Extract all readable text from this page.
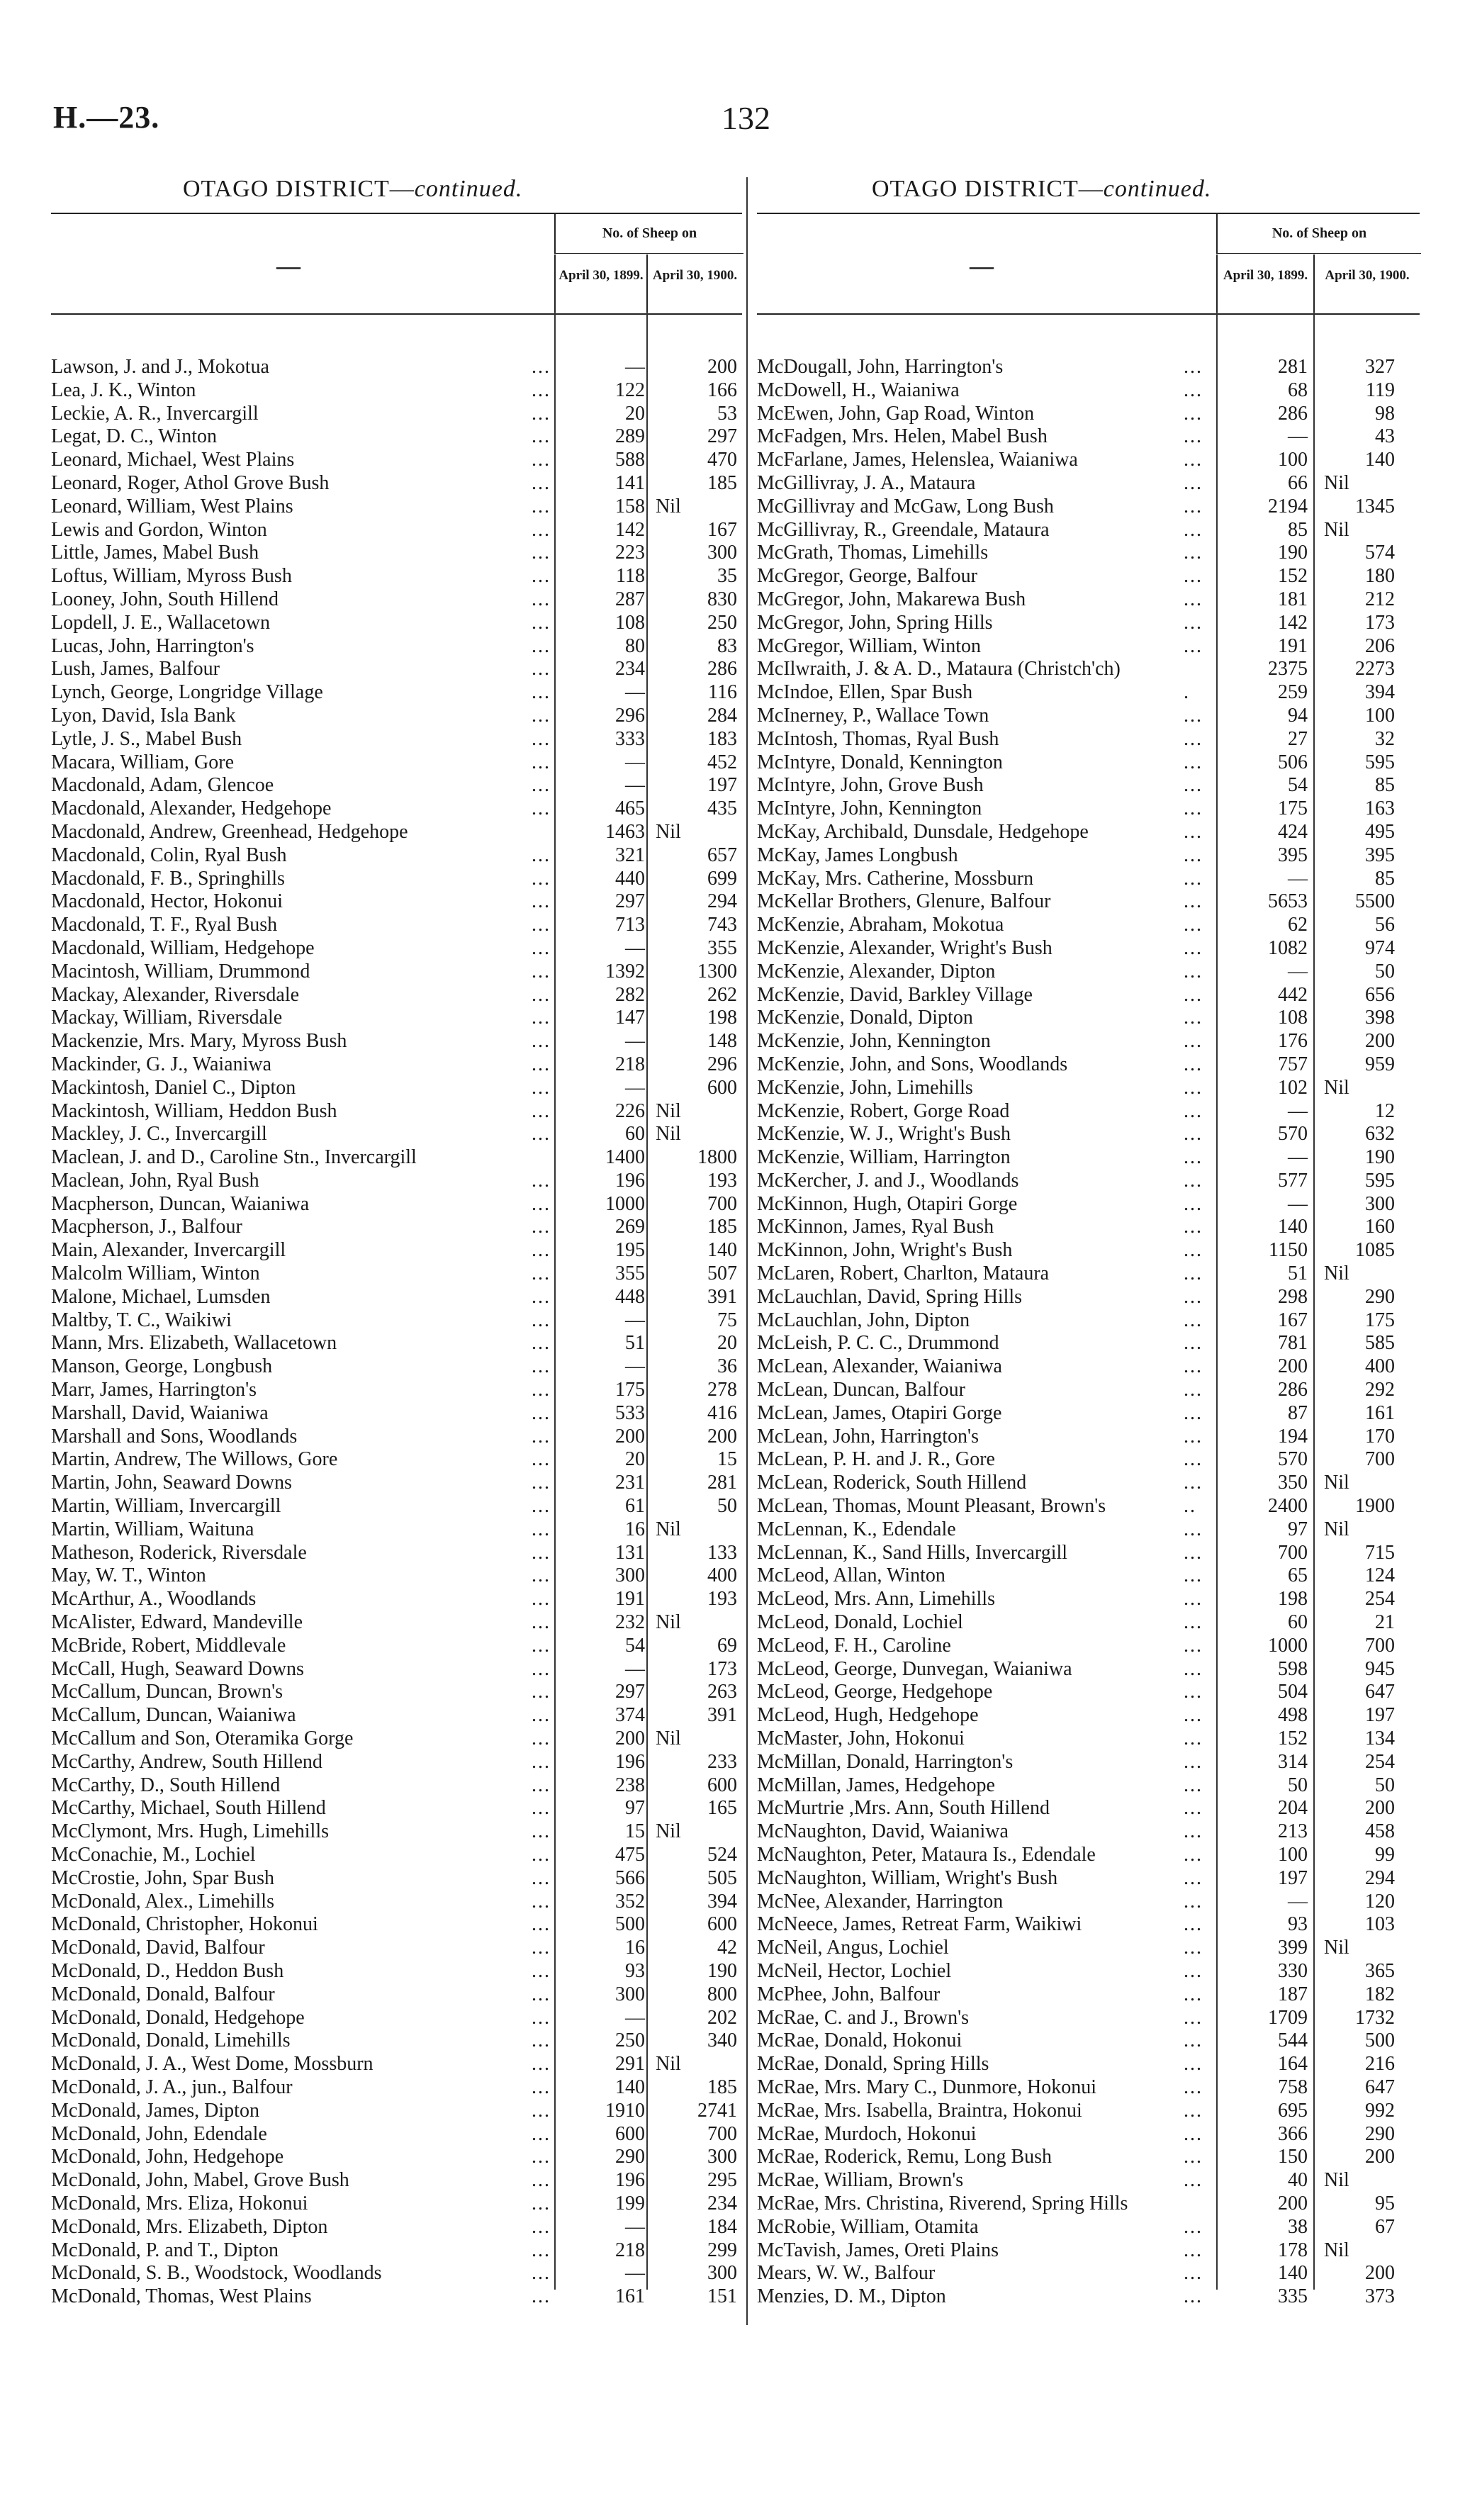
H.—23.	132
OTAGO DISTRICT—continued.	OTAGO DISTRICT—continued.
—
No. of Sheep on
April 30, 1899. April 30, 1900.
Lawson, J. and J., Mokotua	...	—	200
Lea, J. K., Winton	...	122	166
Leckie, A. R., Invercargill	...	20	53
Legat, D. C., Winton	...	289	297
Leonard, Michael, West Plains	...	588	470
Leonard, Roger, Athol Grove Bush	...	141	185
Leonard, William, West Plains	...	158 Nil
Lewis and Gordon, Winton	...	142	167
Little, James, Mabel Bush	...	223	300
Loftus, William, Myross Bush	...	118	35
Looney, John, South Hillend	...	287	830
Lopdell, J. E., Wallacetown	...	108	250
Lucas, John, Harrington's	...	80	83
Lush, James, Balfour	...	234	286
Lynch, George, Longridge Village	...	—	116
Lyon, David, Isla Bank	...	296	284
Lytle, J. S., Mabel Bush	...	333	183
Macara, William, Gore	...	—	452
Macdonald, Adam, Glencoe	...	—	197
Macdonald, Alexander, Hedgehope	...	465	435
Macdonald, Andrew, Greenhead, Hedgehope	1463 Nil
Macdonald, Colin, Ryal Bush	...	321	657
Macdonald, F. B., Springhills	...	440	699
Macdonald, Hector, Hokonui	...	297	294
Macdonald, T. F., Ryal Bush	...	713	743
Macdonald, William, Hedgehope	...	—	355
Macintosh, William, Drummond	...	1392	1300
Mackay, Alexander, Riversdale	...	282	262
Mackay, William, Riversdale	...	147	198
Mackenzie, Mrs. Mary, Myross Bush	...	—	148
Mackinder, G. J., Waianiwa	...	218	296
Mackintosh, Daniel C., Dipton	...	—	600
Mackintosh, William, Heddon Bush	...	226 Nil
Mackley, J. C., Invercargill	...	60 Nil
Maclean, J. and D., Caroline Stn., Invercargill	1400	1800
Maclean, John, Ryal Bush	...	196	193
Macpherson, Duncan, Waianiwa	...	1000	700
Macpherson, J., Balfour	...	269	185
Main, Alexander, Invercargill	...	195	140
Malcolm William, Winton	...	355	507
Malone, Michael, Lumsden	...	448	391
Maltby, T. C., Waikiwi	...	—	75
Mann, Mrs. Elizabeth, Wallacetown	...	51	20
Manson, George, Longbush	...	—	36
Marr, James, Harrington's	...	175	278
Marshall, David, Waianiwa	...	533	416
Marshall and Sons, Woodlands	...	200	200
Martin, Andrew, The Willows, Gore	...	20	15
Martin, John, Seaward Downs	...	231	281
Martin, William, Invercargill	...	61	50
Martin, William, Waituna	...	16 Nil
Matheson, Roderick, Riversdale	...	131	133
May, W. T., Winton	...	300	400
McArthur, A., Woodlands	...	191	193
McAlister, Edward, Mandeville	...	232 Nil
McBride, Robert, Middlevale	...	54	69
McCall, Hugh, Seaward Downs	...	—	173
McCallum, Duncan, Brown's	...	297	263
McCallum, Duncan, Waianiwa	...	374	391
McCallum and Son, Oteramika Gorge	...	200 Nil
McCarthy, Andrew, South Hillend	...	196	233
McCarthy, D., South Hillend	...	238	600
McCarthy, Michael, South Hillend	...	97	165
McClymont, Mrs. Hugh, Limehills	...	15 Nil
McConachie, M., Lochiel	...	475	524
McCrostie, John, Spar Bush	...	566	505
McDonald, Alex., Limehills	...	352	394
McDonald, Christopher, Hokonui	...	500	600
McDonald, David, Balfour	...	16	42
McDonald, D., Heddon Bush	...	93	190
McDonald, Donald, Balfour	...	300	800
McDonald, Donald, Hedgehope	...	—	202
McDonald, Donald, Limehills	...	250	340
McDonald, J. A., West Dome, Mossburn	...	291 Nil
McDonald, J. A., jun., Balfour	...	140	185
McDonald, James, Dipton	...	1910	2741
McDonald, John, Edendale	...	600	700
McDonald, John, Hedgehope	...	290	300
McDonald, John, Mabel, Grove Bush	...	196	295
McDonald, Mrs. Eliza, Hokonui	...	199	234
McDonald, Mrs. Elizabeth, Dipton	...	—	184
McDonald, P. and T., Dipton	...	218	299
McDonald, S. B., Woodstock, Woodlands	...	—	300
McDonald, Thomas, West Plains	...	161	151
—
No. of Sheep on
April 30, 1899.	April 30, 1900.
McDougall, John, Harrington's	...	281	327
McDowell, H., Waianiwa	...	68	119
McEwen, John, Gap Road, Winton	...	286	98
McFadgen, Mrs. Helen, Mabel Bush	...	—	43
McFarlane, James, Helenslea, Waianiwa	...	100	140
McGillivray, J. A., Mataura	...	66 Nil
McGillivray and McGaw, Long Bush	...	2194	1345
McGillivray, R., Greendale, Mataura	...	85 Nil
McGrath, Thomas, Limehills	...	190	574
McGregor, George, Balfour	...	152	180
McGregor, John, Makarewa Bush	...	181	212
McGregor, John, Spring Hills	...	142	173
McGregor, William, Winton	...	191	206
McIlwraith, J. & A. D., Mataura (Christch'ch)	2375	2273
McIndoe, Ellen, Spar Bush	.	259	394
McInerney, P., Wallace Town	...	94	100
McIntosh, Thomas, Ryal Bush	...	27	32
McIntyre, Donald, Kennington	...	506	595
McIntyre, John, Grove Bush	...	54	85
McIntyre, John, Kennington	...	175	163
McKay, Archibald, Dunsdale, Hedgehope	...	424	495
McKay, James Longbush	...	395	395
McKay, Mrs. Catherine, Mossburn	...	—	85
McKellar Brothers, Glenure, Balfour	...	5653	5500
McKenzie, Abraham, Mokotua	...	62	56
McKenzie, Alexander, Wright's Bush	...	1082	974
McKenzie, Alexander, Dipton	...	—	50
McKenzie, David, Barkley Village	...	442	656
McKenzie, Donald, Dipton	...	108	398
McKenzie, John, Kennington	...	176	200
McKenzie, John, and Sons, Woodlands	...	757	959
McKenzie, John, Limehills	...	102 Nil
McKenzie, Robert, Gorge Road	...	—	12
McKenzie, W. J., Wright's Bush	...	570	632
McKenzie, William, Harrington	...	—	190
McKercher, J. and J., Woodlands	...	577	595
McKinnon, Hugh, Otapiri Gorge	...	—	300
McKinnon, James, Ryal Bush	...	140	160
McKinnon, John, Wright's Bush	...	1150	1085
McLaren, Robert, Charlton, Mataura	...	51 Nil
McLauchlan, David, Spring Hills	...	298	290
McLauchlan, John, Dipton	...	167	175
McLeish, P. C. C., Drummond	...	781	585
McLean, Alexander, Waianiwa	...	200	400
McLean, Duncan, Balfour	...	286	292
McLean, James, Otapiri Gorge	...	87	161
McLean, John, Harrington's	...	194	170
McLean, P. H. and J. R., Gore	...	570	700
McLean, Roderick, South Hillend	...	350 Nil
McLean, Thomas, Mount Pleasant, Brown's	..	2400	1900
McLennan, K., Edendale	...	97 Nil
McLennan, K., Sand Hills, Invercargill	...	700	715
McLeod, Allan, Winton	...	65	124
McLeod, Mrs. Ann, Limehills	...	198	254
McLeod, Donald, Lochiel	...	60	21
McLeod, F. H., Caroline	...	1000	700
McLeod, George, Dunvegan, Waianiwa	...	598	945
McLeod, George, Hedgehope	...	504	647
McLeod, Hugh, Hedgehope	...	498	197
McMaster, John, Hokonui	...	152	134
McMillan, Donald, Harrington's	...	314	254
McMillan, James, Hedgehope	...	50	50
McMurtrie ,Mrs. Ann, South Hillend	...	204	200
McNaughton, David, Waianiwa	...	213	458
McNaughton, Peter, Mataura Is., Edendale	...	100	99
McNaughton, William, Wright's Bush	...	197	294
McNee, Alexander, Harrington	...	—	120
McNeece, James, Retreat Farm, Waikiwi	...	93	103
McNeil, Angus, Lochiel	...	399 Nil
McNeil, Hector, Lochiel	...	330	365
McPhee, John, Balfour	...	187	182
McRae, C. and J., Brown's	...	1709	1732
McRae, Donald, Hokonui	...	544	500
McRae, Donald, Spring Hills	...	164	216
McRae, Mrs. Mary C., Dunmore, Hokonui	...	758	647
McRae, Mrs. Isabella, Braintra, Hokonui	...	695	992
McRae, Murdoch, Hokonui	...	366	290
McRae, Roderick, Remu, Long Bush	...	150	200
McRae, William, Brown's	...	40 Nil
McRae, Mrs. Christina, Riverend, Spring Hills	200	95
McRobie, William, Otamita	...	38	67
McTavish, James, Oreti Plains	...	178 Nil
Mears, W. W., Balfour	...	140	200
Menzies, D. M., Dipton	...	335	373
